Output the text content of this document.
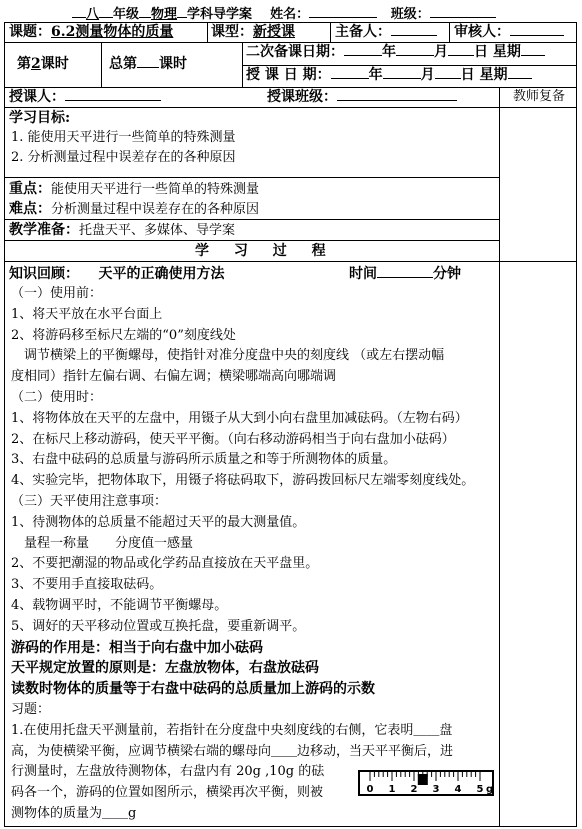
八 年级 物理 学科导学案 姓名：	班级：
课题：6.2测量物体的质量	课型：新授课	主备人：	审核人：
第2课时	总第 课时
二次备课日期：	年	月 日 星期
授 课 日 期：	年	月 日 星期
授课人：	授课班级：	教师复备
学习目标:
1. 能使用天平进行一些简单的特殊测量
2. 分析测量过程中误差存在的各种原因
重点：能使用天平进行一些简单的特殊测量
难点：分析测量过程中误差存在的各种原因
教学准备：托盘天平、多媒体、导学案
学 习 过 程
知识回顾： 天平的正确使用方法	时间	分钟
（一）使用前：
1、将天平放在水平台面上
2、将游码移至标尺左端的“0”刻度线处
　调节横梁上的平衡螺母，使指针对准分度盘中央的刻度线 （或左右摆动幅
度相同）指针左偏右调、右偏左调；横梁哪端高向哪端调
（二）使用时：
1、将物体放在天平的左盘中，用镊子从大到小向右盘里加减砝码。（左物右码）
2、在标尺上移动游码，使天平平衡。（向右移动游码相当于向右盘加小砝码）
3、右盘中砝码的总质量与游码所示质量之和等于所测物体的质量。
4、实验完毕，把物体取下，用镊子将砝码取下，游码拨回标尺左端零刻度线处。
（三）天平使用注意事项：
1、待测物体的总质量不能超过天平的最大测量值。
　量程一称量　　分度值一感量
2、不要把潮湿的物品或化学药品直接放在天平盘里。
3、不要用手直接取砝码。
4、载物调平时，不能调节平衡螺母。
5、调好的天平移动位置或互换托盘，要重新调平。
游码的作用是：相当于向右盘中加小砝码
天平规定放置的原则是：左盘放物体，右盘放砝码
读数时物体的质量等于右盘中砝码的总质量加上游码的示数
习题：
1.在使用托盘天平测量前，若指针在分度盘中央刻度线的右侧，它表明＿＿盘
高，为使横梁平衡，应调节横梁右端的螺母向＿＿边移动，当天平平衡后，进
行测量时，左盘放待测物体，右盘内有 20g ,10g 的砝
码各一个，游码的位置如图所示，横梁再次平衡，则被
测物体的质量为＿＿g
0 1 2 3 4 5 g
